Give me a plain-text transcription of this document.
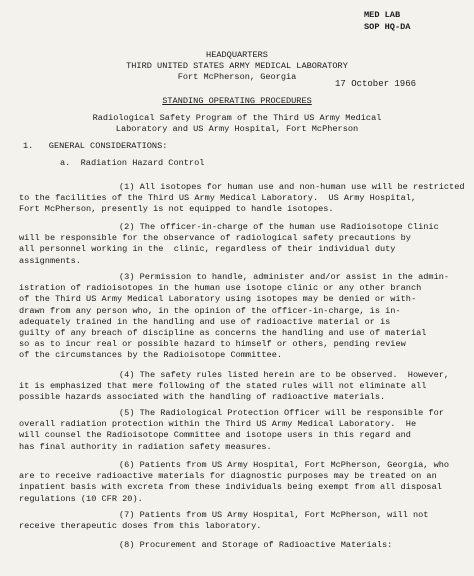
MED LAB
SOP HQ-DA
HEADQUARTERS
THIRD UNITED STATES ARMY MEDICAL LABORATORY
Fort McPherson, Georgia
17 October 1966
STANDING OPERATING PROCEDURES
Radiological Safety Program of the Third US Army Medical
Laboratory and US Army Hospital, Fort McPherson
1.   GENERAL CONSIDERATIONS:
a.  Radiation Hazard Control
(1) All isotopes for human use and non-human use will be restricted
to the facilities of the Third US Army Medical Laboratory.  US Army Hospital,
Fort McPherson, presently is not equipped to handle isotopes.
(2) The officer-in-charge of the human use Radioisotope Clinic
will be responsible for the observance of radiological safety precautions by
all personnel working in the  clinic, regardless of their individual duty
assignments.
(3) Permission to handle, administer and/or assist in the admin-
istration of radioisotopes in the human use isotope clinic or any other branch
of the Third US Army Medical Laboratory using isotopes may be denied or with-
drawn from any person who, in the opinion of the officer-in-charge, is in-
adequately trained in the handling and use of radioactive material or is
guilty of any breach of discipline as concerns the handling and use of material
so as to incur real or possible hazard to himself or others, pending review
of the circumstances by the Radioisotope Committee.
(4) The safety rules listed herein are to be observed.  However,
it is emphasized that mere following of the stated rules will not eliminate all
possible hazards associated with the handling of radioactive materials.
(5) The Radiological Protection Officer will be responsible for
overall radiation protection within the Third US Army Medical Laboratory.  He
will counsel the Radioisotope Committee and isotope users in this regard and
has final authority in radiation safety measures.
(6) Patients from US Army Hospital, Fort McPherson, Georgia, who
are to receive radioactive materials for diagnostic purposes may be treated on an
inpatient basis with excreta from these individuals being exempt from all disposal
regulations (10 CFR 20).
(7) Patients from US Army Hospital, Fort McPherson, will not
receive therapeutic doses from this laboratory.
(8) Procurement and Storage of Radioactive Materials:
